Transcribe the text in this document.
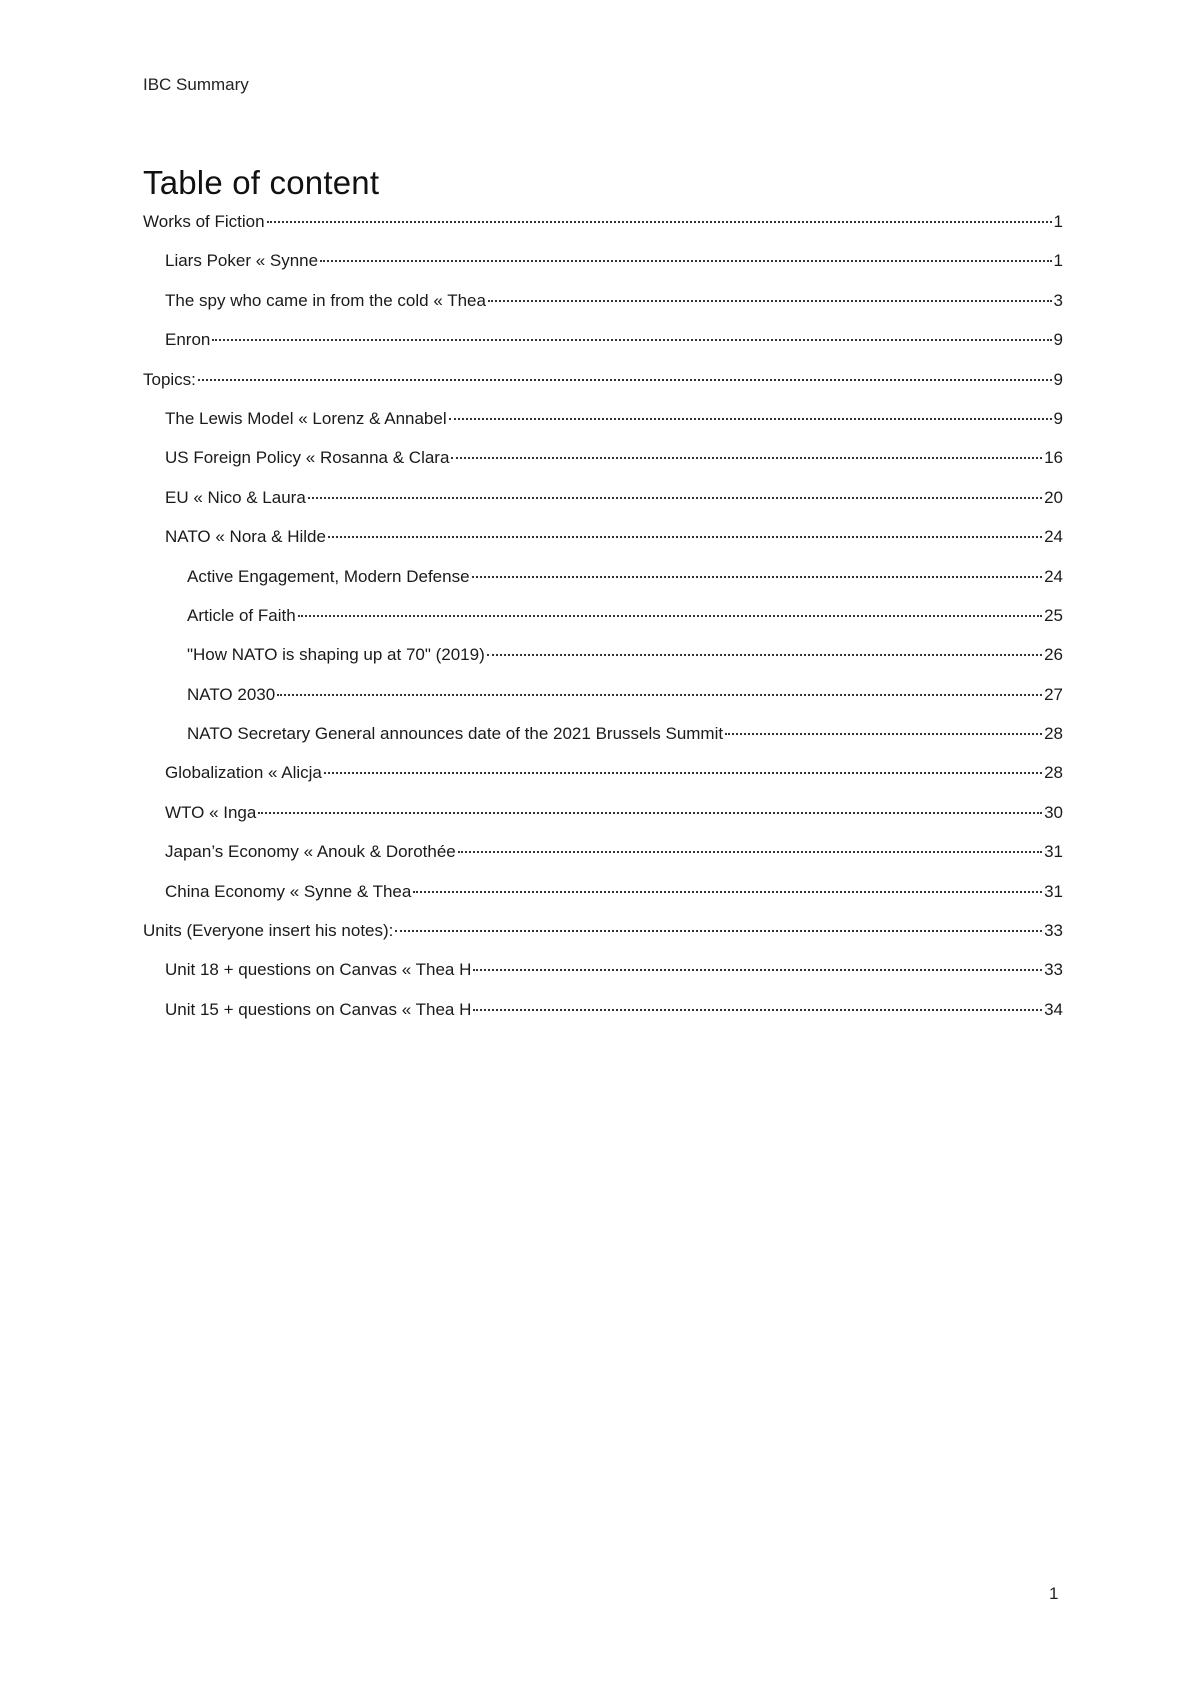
IBC Summary
Table of content
Works of Fiction	1
Liars Poker « Synne	1
The spy who came in from the cold « Thea	3
Enron	9
Topics:	9
The Lewis Model « Lorenz & Annabel	9
US Foreign Policy « Rosanna & Clara	16
EU « Nico & Laura	20
NATO « Nora & Hilde	24
Active Engagement, Modern Defense	24
Article of Faith	25
"How NATO is shaping up at 70" (2019)	26
NATO 2030	27
NATO Secretary General announces date of the 2021 Brussels Summit	28
Globalization « Alicja	28
WTO « Inga	30
Japan’s Economy « Anouk & Dorothée	31
China Economy « Synne & Thea	31
Units (Everyone insert his notes):	33
Unit 18 + questions on Canvas « Thea H	33
Unit 15 + questions on Canvas « Thea H	34
1
